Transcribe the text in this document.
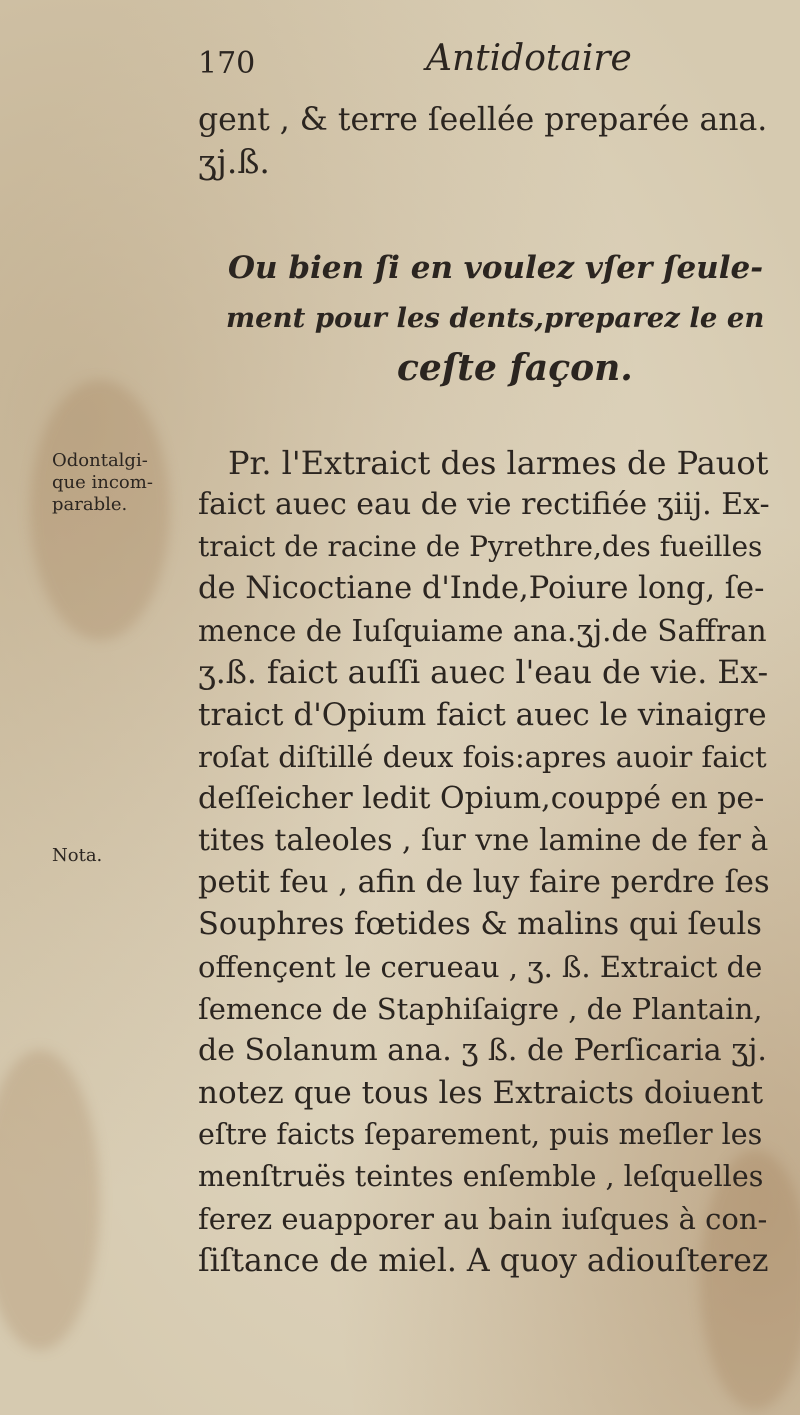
170	Antidotaire
gent , & terre ſeellée preparée ana.
ʒj.ß.
Ou bien ſi en voulez vſer ſeule-
ment pour les dents,preparez le en
ceſte façon.
Odontalgi-
que incom-
parable.
Nota.
Pr. l'Extraict des larmes de Pauot
faict auec eau de vie rectifiée ʒiij. Ex-
traict de racine de Pyrethre,des fueilles
de Nicoctiane d'Inde,Poiure long, ſe-
mence de Iuſquiame ana.ʒj.de Saffran
ʒ.ß. faict auſſi auec l'eau de vie. Ex-
traict d'Opium faict auec le vinaigre
roſat diſtillé deux fois:apres auoir faict
deſſeicher ledit Opium,couppé en pe-
tites taleoles , ſur vne lamine de fer à
petit feu , afin de luy faire perdre ſes
Souphres fœtides & malins qui ſeuls
offençent le cerueau , ʒ. ß. Extraict de
ſemence de Staphiſaigre , de Plantain,
de Solanum ana. ʒ ß. de Perſicaria ʒj.
notez que tous les Extraicts doiuent
eſtre faicts ſeparement, puis meſler les
menſtruës teintes enſemble , leſquelles
ferez euapporer au bain iuſques à con-
ſiſtance de miel. A quoy adiouſterez
